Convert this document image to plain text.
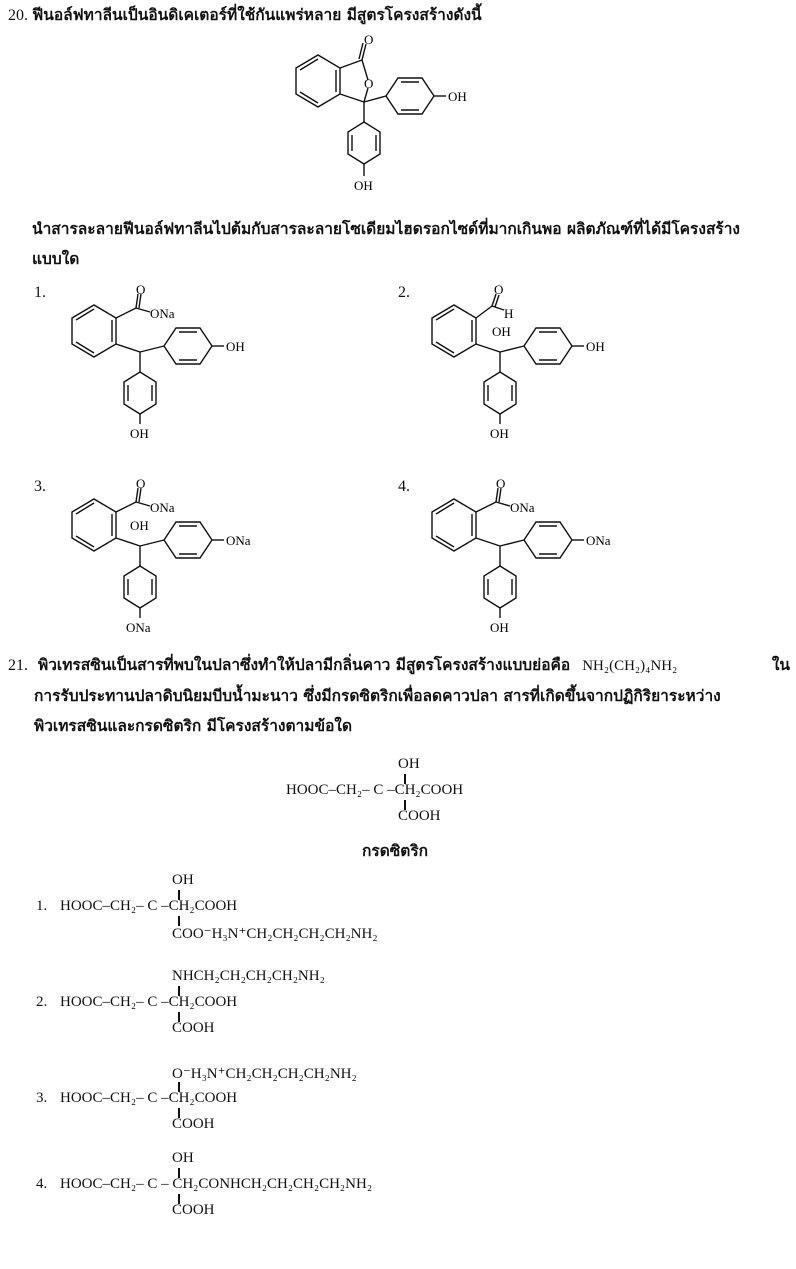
20. ฟีนอล์ฟทาลีนเป็นอินดิเคเตอร์ที่ใช้กันแพร่หลาย มีสูตรโครงสร้างดังนี้
O
O
OH
OH
นำสารละลายฟีนอล์ฟทาลีนไปต้มกับสารละลายโซเดียมไฮดรอกไซด์ที่มากเกินพอ ผลิตภัณฑ์ที่ได้มีโครงสร้าง
แบบใด
1.	O
ONa
OH
OH
2.	O
H
OH
OH
OH
3.	O
ONa
OH
ONa
ONa
4.	O
ONa
ONa
OH
21. พิวเทรสซินเป็นสารที่พบในปลาซึ่งทำให้ปลามีกลิ่นคาว มีสูตรโครงสร้างแบบย่อคือ NH₂(CH₂)₄NH₂	ใน
การรับประทานปลาดิบนิยมบีบน้ำมะนาว ซึ่งมีกรดซิตริกเพื่อลดคาวปลา สารที่เกิดขึ้นจากปฏิกิริยาระหว่าง
พิวเทรสซินและกรดซิตริก มีโครงสร้างตามข้อใด

OH

HOOC–CH₂– C –CH₂COOH

COOH

กรดซิตริก

1.

OH

HOOC–CH₂– C –CH₂COOH

COO⁻H₃N⁺CH₂CH₂CH₂CH₂NH₂

2.

NHCH₂CH₂CH₂CH₂NH₂

HOOC–CH₂– C –CH₂COOH

COOH

3.

O⁻H₃N⁺CH₂CH₂CH₂CH₂NH₂

HOOC–CH₂– C –CH₂COOH

COOH

4.

OH

HOOC–CH₂– C – CH₂CONHCH₂CH₂CH₂CH₂NH₂

COOH
